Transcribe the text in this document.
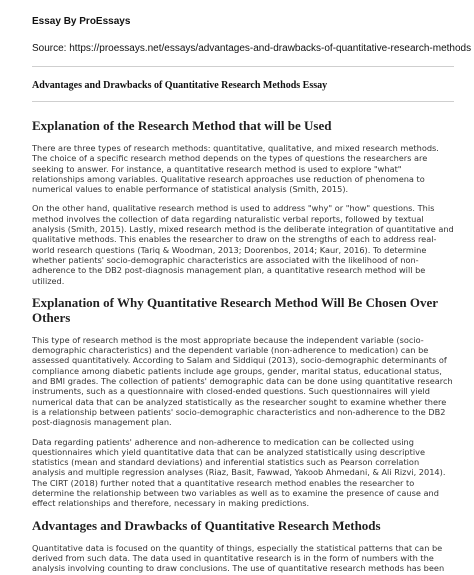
Essay By ProEssays
Source: https://proessays.net/essays/advantages-and-drawbacks-of-quantitative-research-methods
Advantages and Drawbacks of Quantitative Research Methods Essay
Explanation of the Research Method that will be Used

There are three types of research methods: quantitative, qualitative, and mixed research methods. The choice of a specific research method depends on the types of questions the researchers are seeking to answer. For instance, a quantitative research method is used to explore "what" relationships among variables. Qualitative research approaches use reduction of phenomena to numerical values to enable performance of statistical analysis (Smith, 2015).

On the other hand, qualitative research method is used to address "why" or "how" questions. This method involves the collection of data regarding naturalistic verbal reports, followed by textual analysis (Smith, 2015). Lastly, mixed research method is the deliberate integration of quantitative and qualitative methods. This enables the researcher to draw on the strengths of each to address real-world research questions (Tariq & Woodman, 2013; Doorenbos, 2014; Kaur, 2016). To determine whether patients' socio-demographic characteristics are associated with the likelihood of non-adherence to the DB2 post-diagnosis management plan, a quantitative research method will be utilized.

Explanation of Why Quantitative Research Method Will Be Chosen Over Others

This type of research method is the most appropriate because the independent variable (socio-demographic characteristics) and the dependent variable (non-adherence to medication) can be assessed quantitatively. According to Salam and Siddiqui (2013), socio-demographic determinants of compliance among diabetic patients include age groups, gender, marital status, educational status, and BMI grades. The collection of patients' demographic data can be done using quantitative research instruments, such as a questionnaire with closed-ended questions. Such questionnaires will yield numerical data that can be analyzed statistically as the researcher sought to examine whether there is a relationship between patients' socio-demographic characteristics and non-adherence to the DB2 post-diagnosis management plan.

Data regarding patients' adherence and non-adherence to medication can be collected using questionnaires which yield quantitative data that can be analyzed statistically using descriptive statistics (mean and standard deviations) and inferential statistics such as Pearson correlation analysis and multiple regression analyses (Riaz, Basit, Fawwad, Yakoob Ahmedani, & Ali Rizvi, 2014). The CIRT (2018) further noted that a quantitative research method enables the researcher to determine the relationship between two variables as well as to examine the presence of cause and effect relationships and therefore, necessary in making predictions.

Advantages and Drawbacks of Quantitative Research Methods

Quantitative data is focused on the quantity of things, especially the statistical patterns that can be derived from such data. The data used in quantitative research is in the form of numbers with the analysis involving counting to draw conclusions. The use of quantitative research methods has been
